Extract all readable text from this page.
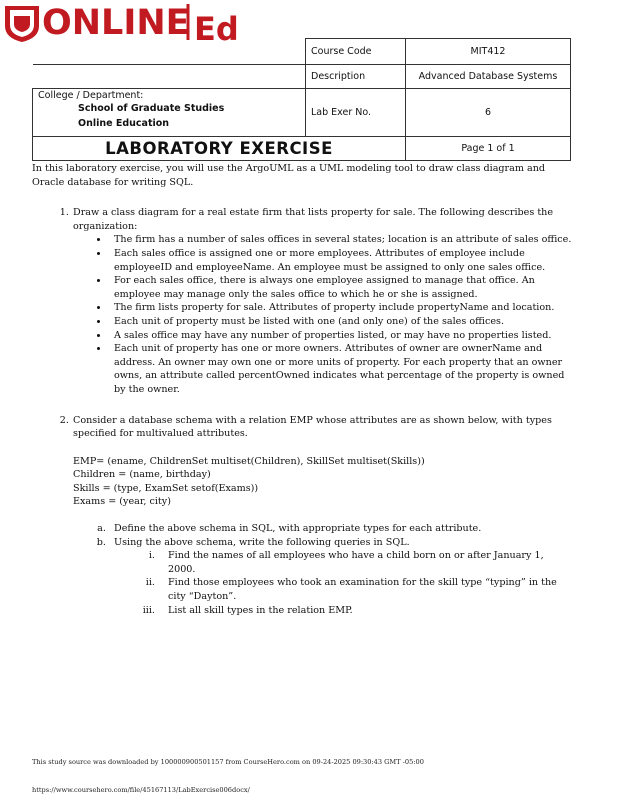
ONLINE Ed
	Course Code	MIT412
	Description	Advanced Database Systems

College / Department:
School of Graduate Studies
Online Education	Lab Exer No.	6
LABORATORY EXERCISE		Page 1 of 1

In this laboratory exercise, you will use the ArgoUML as a UML modeling tool to draw class diagram and Oracle database for writing SQL.

1. Draw a class diagram for a real estate firm that lists property for sale. The following describes the organization:
• The firm has a number of sales offices in several states; location is an attribute of sales office.
• Each sales office is assigned one or more employees. Attributes of employee include employeeID and employeeName. An employee must be assigned to only one sales office.
• For each sales office, there is always one employee assigned to manage that office. An employee may manage only the sales office to which he or she is assigned.
• The firm lists property for sale. Attributes of property include propertyName and location.
• Each unit of property must be listed with one (and only one) of the sales offices.
• A sales office may have any number of properties listed, or may have no properties listed.
• Each unit of property has one or more owners. Attributes of owner are ownerName and address. An owner may own one or more units of property. For each property that an owner owns, an attribute called percentOwned indicates what percentage of the property is owned by the owner.
2. Consider a database schema with a relation EMP whose attributes are as shown below, with types specified for multivalued attributes.
EMP= (ename, ChildrenSet multiset(Children), SkillSet multiset(Skills))
Children = (name, birthday)
Skills = (type, ExamSet setof(Exams))
Exams = (year, city)
a. Define the above schema in SQL, with appropriate types for each attribute.
b. Using the above schema, write the following queries in SQL.
i. Find the names of all employees who have a child born on or after January 1, 2000.
ii. Find those employees who took an examination for the skill type “typing” in the city “Dayton”.
iii. List all skill types in the relation EMP.
This study source was downloaded by 100000900501157 from CourseHero.com on 09-24-2025 09:30:43 GMT -05:00
https://www.coursehero.com/file/45167113/LabExercise006docx/
